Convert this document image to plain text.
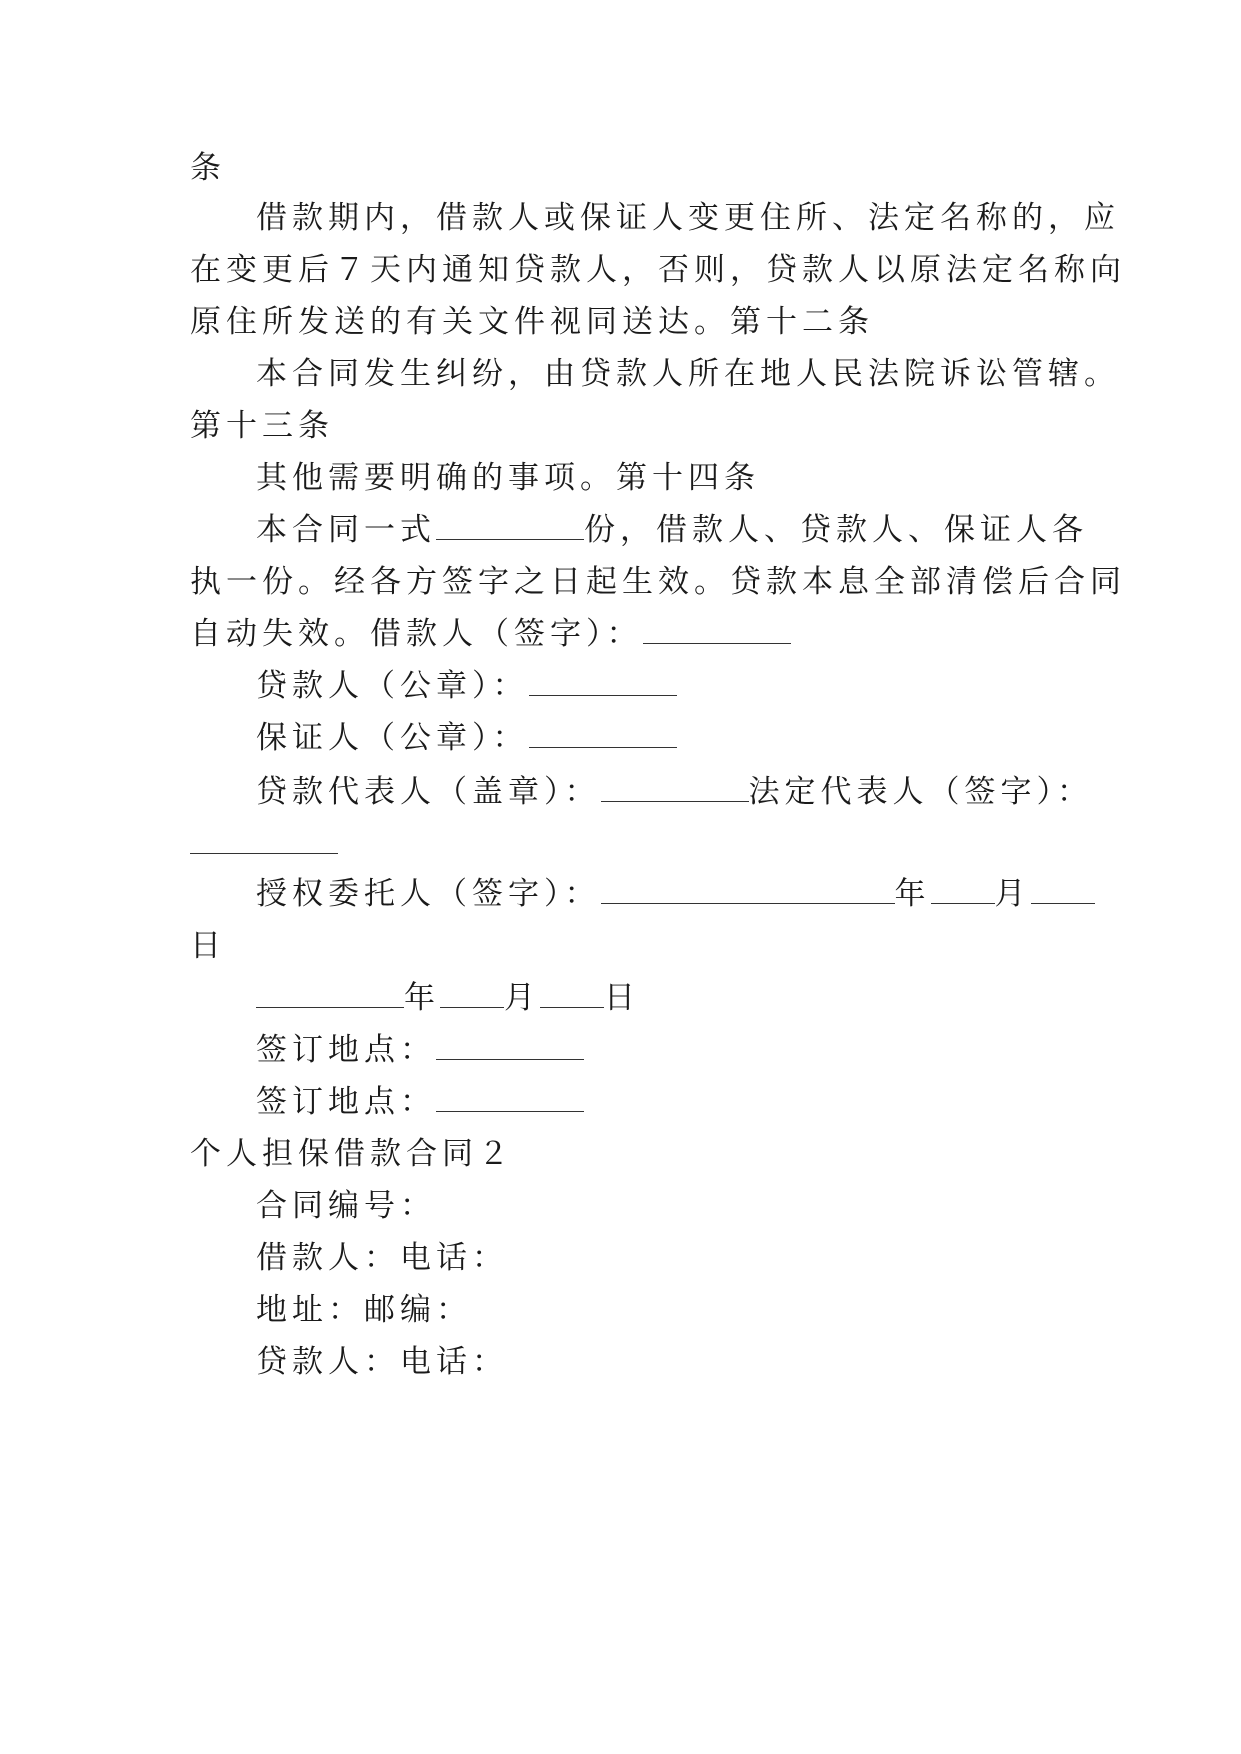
条
借款期内，借款人或保证人变更住所、法定名称的，应
在变更后７天内通知贷款人，否则，贷款人以原法定名称向
原住所发送的有关文件视同送达。第十二条
本合同发生纠纷，由贷款人所在地人民法院诉讼管辖。
第十三条
其他需要明确的事项。第十四条
本合同一式	份，借款人、贷款人、保证人各
执一份。经各方签字之日起生效。贷款本息全部清偿后合同
自动失效。借款人（签字）：
贷款人（公章）：
保证人（公章）：
贷款代表人（盖章）：	法定代表人（签字）：
授权委托人（签字）：	年 月
日
年 月 日
签订地点：
签订地点：
个人担保借款合同２
合同编号：
借款人：电话：
地址：邮编：
贷款人：电话：
